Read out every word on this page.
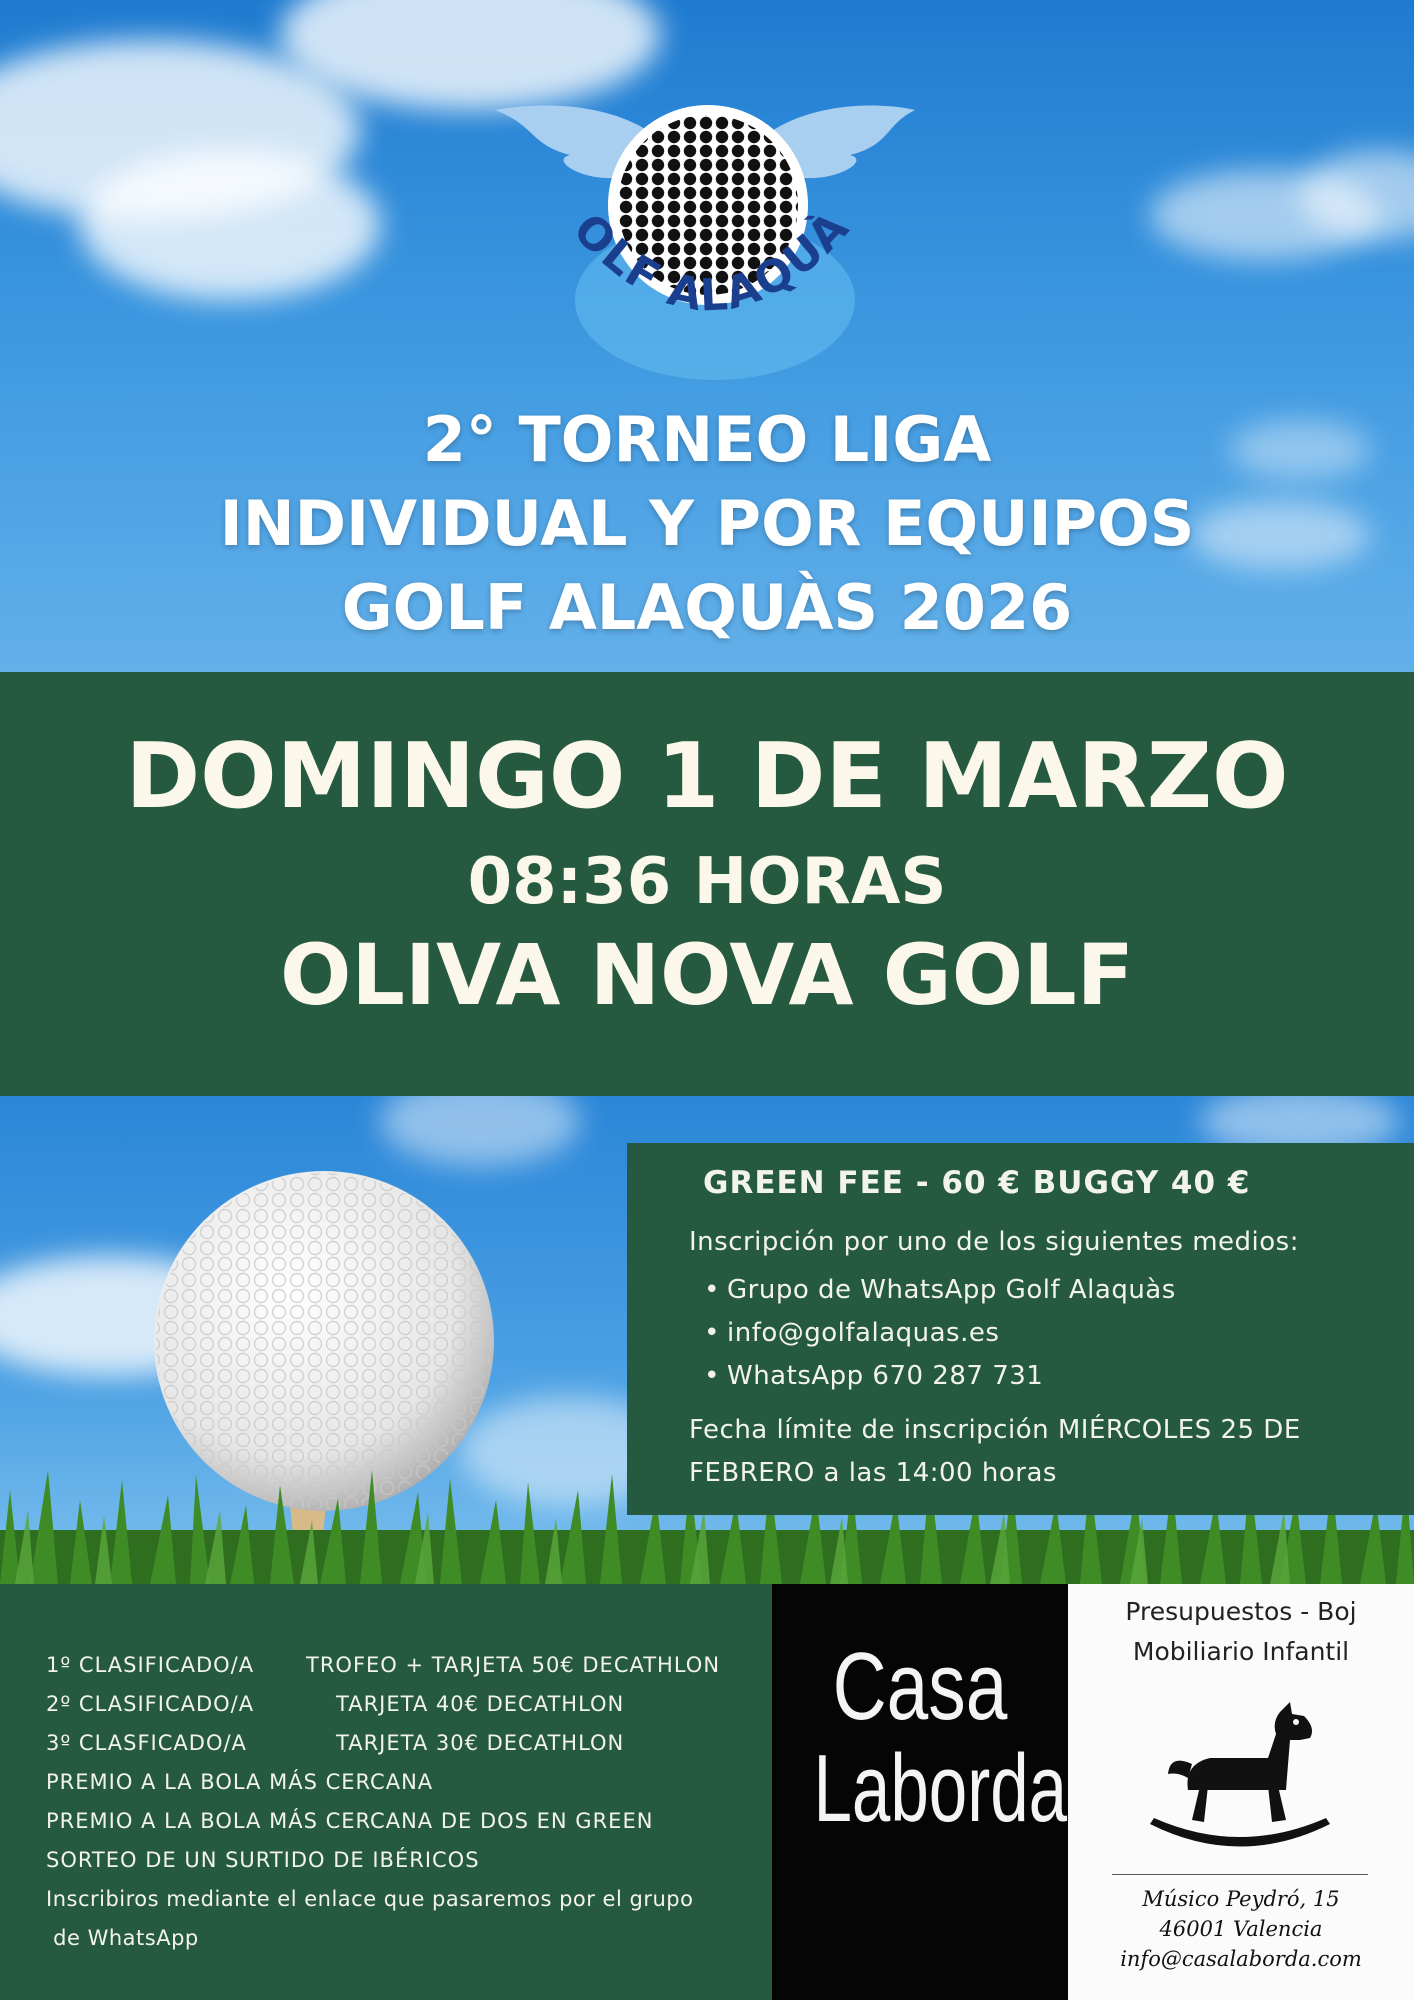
OLF ALAQUÀ
2° TORNEO LIGA
INDIVIDUAL Y POR EQUIPOS
GOLF ALAQUÀS 2026
DOMINGO 1 DE MARZO
08:36 HORAS
OLIVA NOVA GOLF
GREEN FEE - 60 € BUGGY 40 €
Inscripción por uno de los siguientes medios:
• Grupo de WhatsApp Golf Alaquàs
• info@golfalaquas.es
• WhatsApp 670 287 731
Fecha límite de inscripción MIÉRCOLES 25 DE FEBRERO a las 14:00 horas
1º CLASIFICADO/A TROFEO + TARJETA 50€ DECATHLON
2º CLASIFICADO/A	TARJETA 40€ DECATHLON
3º CLASFICADO/A	TARJETA 30€ DECATHLON
PREMIO A LA BOLA MÁS CERCANA
PREMIO A LA BOLA MÁS CERCANA DE DOS EN GREEN
SORTEO DE UN SURTIDO DE IBÉRICOS
Inscribiros mediante el enlace que pasaremos por el grupo
de WhatsApp
Casa
Laborda
Presupuestos - Boj
Mobiliario Infantil
Músico Peydró, 15
46001 Valencia
info@casalaborda.com
